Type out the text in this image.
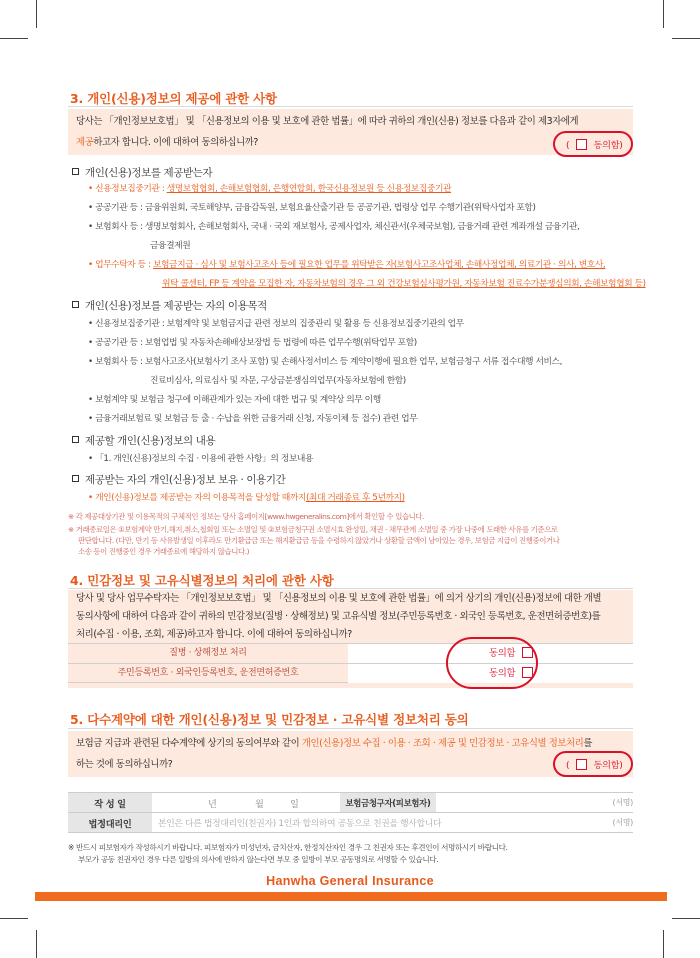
3. 개인(신용)정보의 제공에 관한 사항
당사는 「개인정보보호법」 및 「신용정보의 이용 및 보호에 관한 법률」에 따라 귀하의 개인(신용) 정보를 다음과 같이 제3자에게
제공하고자 합니다. 이에 대하여 동의하십니까?	(	동의함)
개인(신용)정보를 제공받는자
• 신용정보집중기관 : 생명보험협회, 손해보험협회, 은행연합회, 한국신용정보원 등 신용정보집중기관
• 공공기관 등 : 금융위원회, 국토해양부, 금융감독원, 보험요율산출기관 등 공공기관, 법령상 업무 수행기관(위탁사업자 포함)
• 보험회사 등 : 생명보험회사, 손해보험회사, 국내 · 국외 재보험사, 공제사업자, 체신관서(우체국보험), 금융거래 관련 계좌개설 금융기관,
금융결제원
• 업무수탁자 등 : 보험금지급 · 심사 및 보험사고조사 등에 필요한 업무를 위탁받은 자(보험사고조사업체, 손해사정업체, 의료기관 · 의사, 변호사,
위탁 콜센터, FP 등 계약을 모집한 자, 자동차보험의 경우 그 외 건강보험심사평가원, 자동차보험 진료수가분쟁심의회, 손해보험협회 등)
개인(신용)정보를 제공받는 자의 이용목적
• 신용정보집중기관 : 보험계약 및 보험금지급 관련 정보의 집중관리 및 활용 등 신용정보집중기관의 업무
• 공공기관 등 : 보험업법 및 자동차손해배상보장법 등 법령에 따른 업무수행(위탁업무 포함)
• 보험회사 등 : 보험사고조사(보험사기 조사 포함) 및 손해사정서비스 등 계약이행에 필요한 업무, 보험금청구 서류 접수대행 서비스,
진료비심사, 의료심사 및 자문, 구상금분쟁심의업무(자동차보험에 한함)
• 보험계약 및 보험금 청구에 이해관계가 있는 자에 대한 법규 및 계약상 의무 이행
• 금융거래보험료 및 보험금 등 출 · 수납을 위한 금융거래 신청, 자동이체 등 접수) 관련 업무
제공할 개인(신용)정보의 내용
• 「1. 개인(신용)정보의 수집 · 이용에 관한 사항」의 정보내용
제공받는 자의 개인(신용)정보 보유 · 이용기간
• 개인(신용)정보를 제공받는 자의 이용목적을 달성할 때까지(최대 거래종료 후 5년까지)
※ 각 제공대상기관 및 이용목적의 구체적인 정보는 당사 홈페이지[www.hwgeneralins.com]에서 확인할 수 있습니다.
※ 거래종료일은 ①보험계약 만기,해지,취소,철회일 또는 소멸일 및 ②보험금청구권 소멸시효 완성일, 채권 · 채무관계 소멸일 중 가장 나중에 도래한 사유를 기준으로
판단합니다. (다만, 만기 등 사유발생일 이후라도 만기환급금 또는 해지환급금 등을 수령하지 않았거나 상환할 금액이 남아있는 경우, 보험금 지급이 진행중이거나
소송 등이 진행중인 경우 거래종료에 해당하지 않습니다.)
4. 민감정보 및 고유식별정보의 처리에 관한 사항
당사 및 당사 업무수탁자는 「개인정보보호법」 및 「신용정보의 이용 및 보호에 관한 법률」에 의거 상기의 개인(신용)정보에 대한 개별
동의사항에 대하여 다음과 같이 귀하의 민감정보(질병 · 상해정보) 및 고유식별 정보(주민등록번호 · 외국인 등록번호, 운전면허증번호)를
처리(수집 · 이용, 조회, 제공)하고자 합니다. 이에 대하여 동의하십니까?
질병 · 상해정보 처리	동의함
주민등록번호 · 외국인등록번호, 운전면허증번호	동의함
5. 다수계약에 대한 개인(신용)정보 및 민감정보 · 고유식별 정보처리 동의
보험금 지급과 관련된 다수계약에 상기의 동의여부와 같이 개인(신용)정보 수집 · 이용 · 조회 · 제공 및 민감정보 · 고유식별 정보처리를
하는 것에 동의하십니까?	(	동의함)
작 성 일	년	월	일	보험금청구자(피보험자)	(서명)
법정대리인	본인은 다른 법정대리인(친권자) 1인과 합의하여 공동으로 친권을 행사합니다	(서명)
※ 반드시 피보험자가 작성하시기 바랍니다. 피보험자가 미성년자, 금치산자, 한정치산자인 경우 그 친권자 또는 후견인이 서명하시기 바랍니다.
부모가 공동 친권자인 경우 다른 일방의 의사에 반하지 않는다면 부모 중 일방이 부모 공동명의로 서명할 수 있습니다.
Hanwha General Insurance
